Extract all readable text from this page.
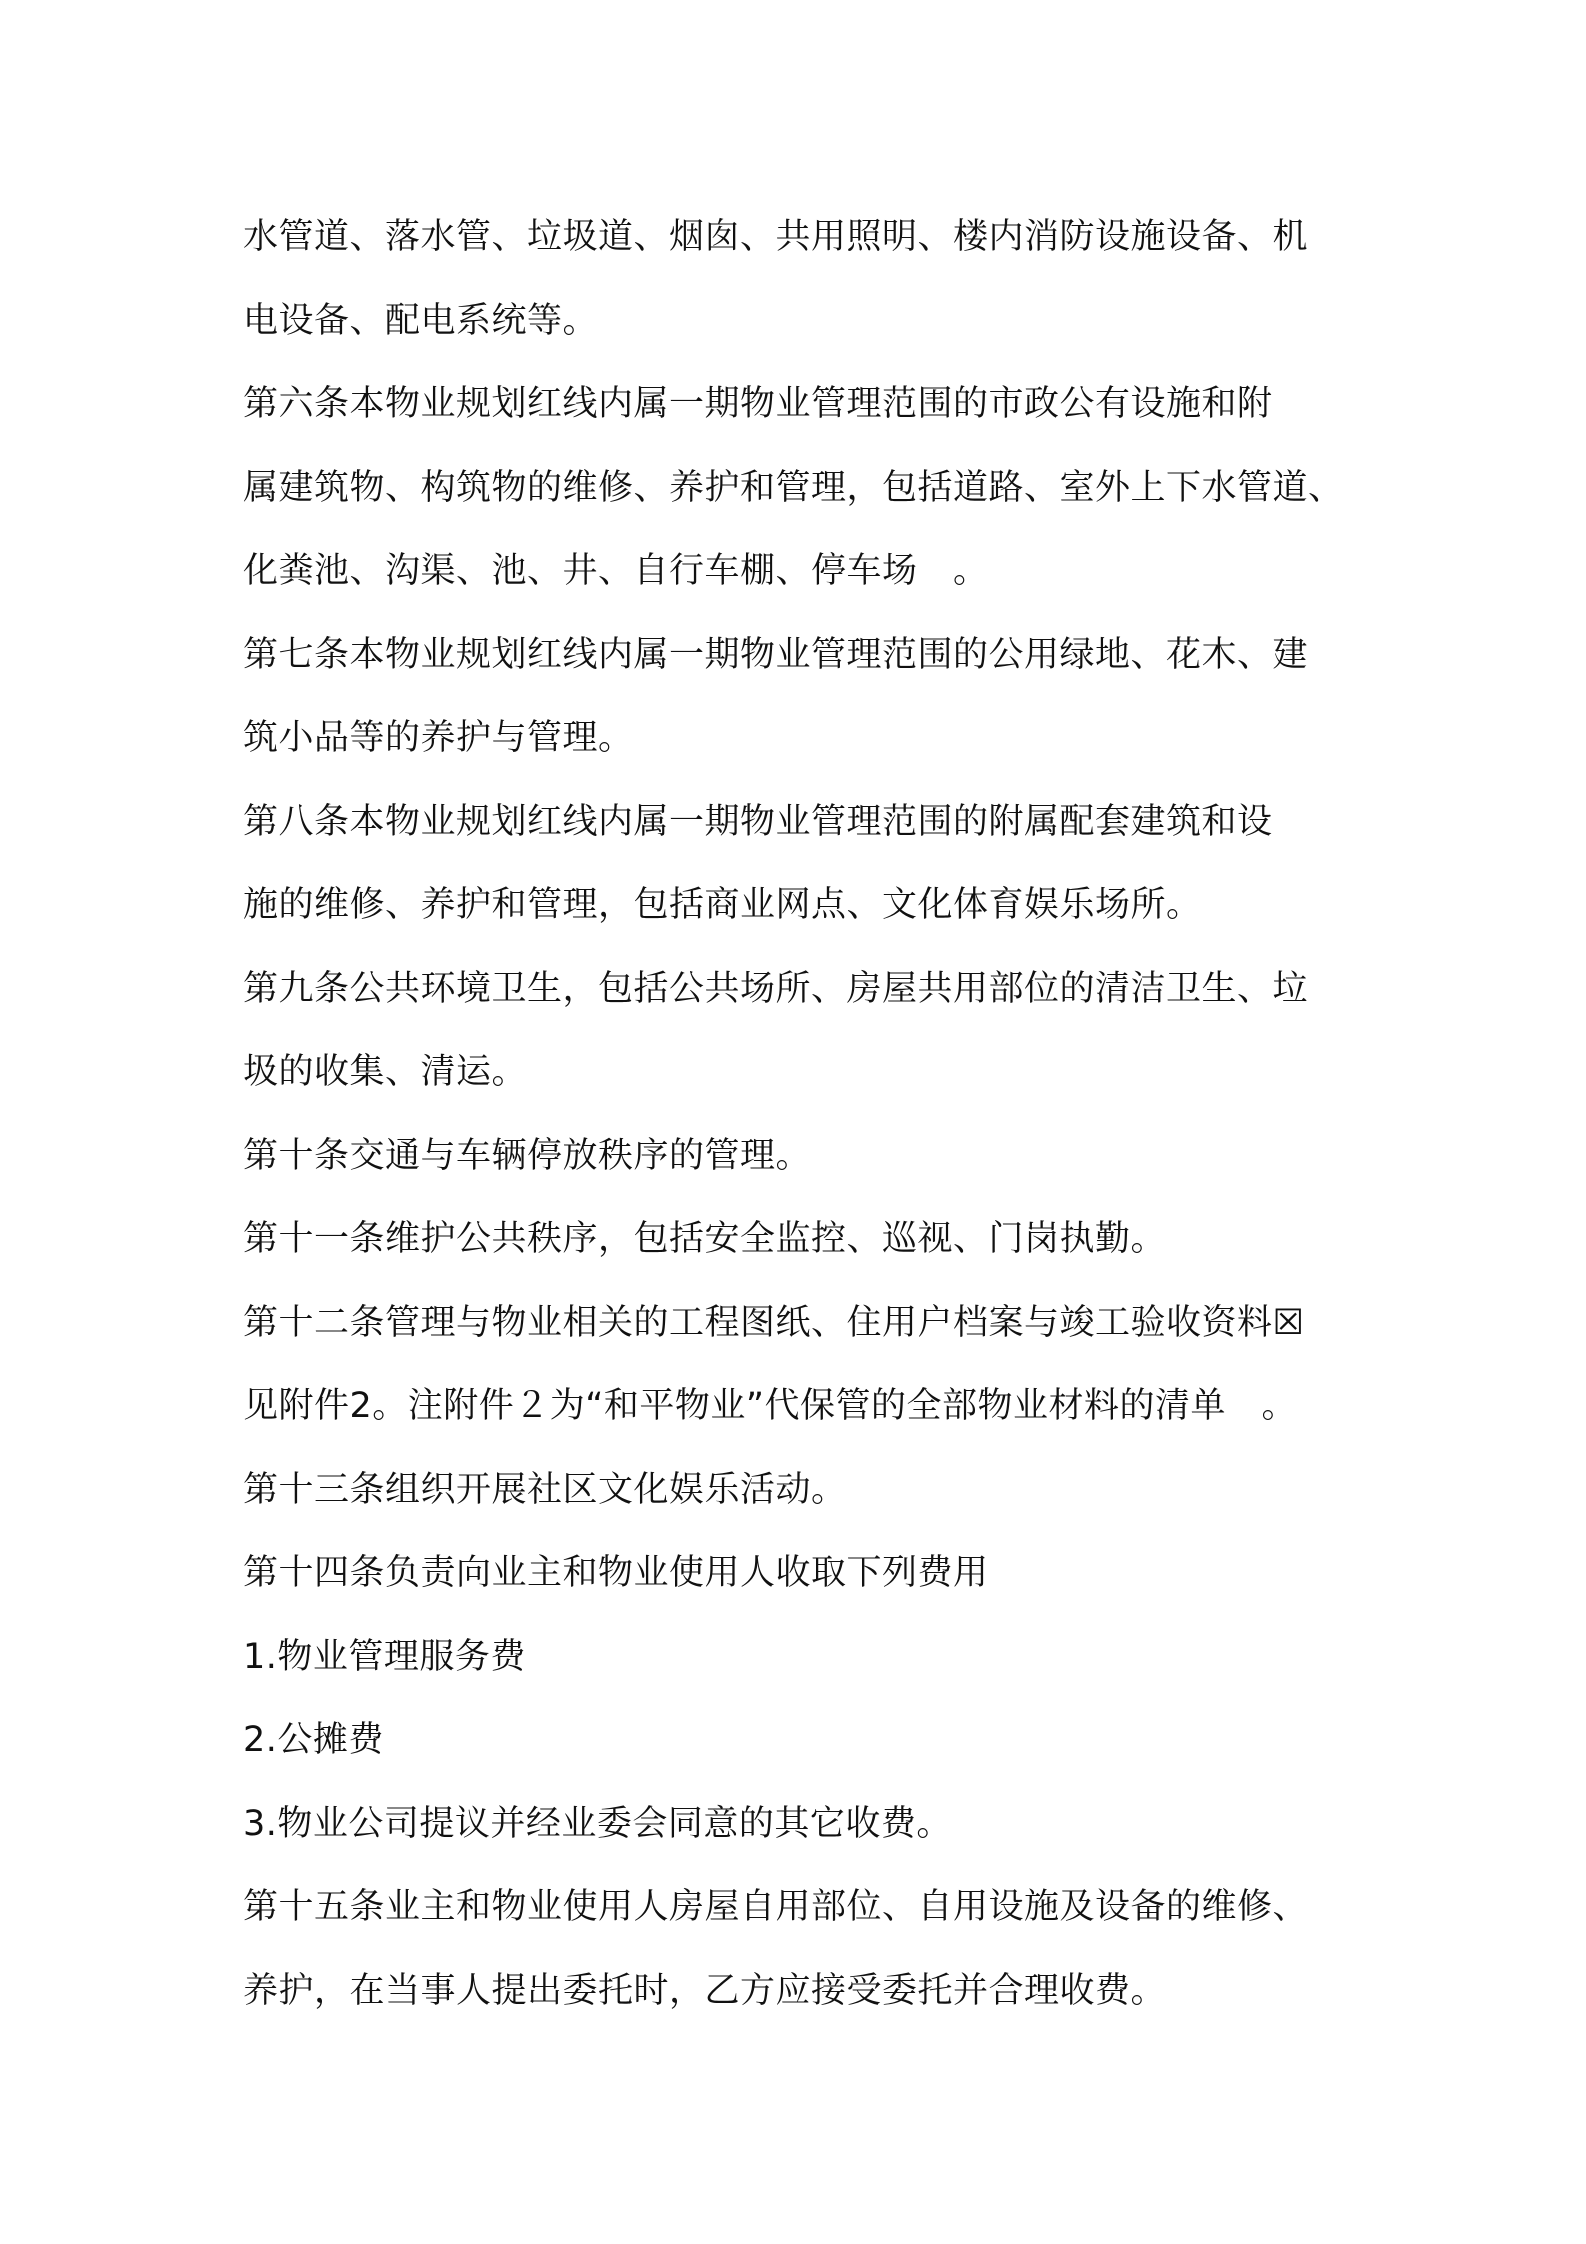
水管道、落水管、垃圾道、烟囱、共用照明、楼内消防设施设备、机
电设备、配电系统等。
第六条本物业规划红线内属一期物业管理范围的市政公有设施和附
属建筑物、构筑物的维修、养护和管理，包括道路、室外上下水管道、
化粪池、沟渠、池、井、自行车棚、停车场　。
第七条本物业规划红线内属一期物业管理范围的公用绿地、花木、建
筑小品等的养护与管理。
第八条本物业规划红线内属一期物业管理范围的附属配套建筑和设
施的维修、养护和管理，包括商业网点、文化体育娱乐场所。
第九条公共环境卫生，包括公共场所、房屋共用部位的清洁卫生、垃
圾的收集、清运。
第十条交通与车辆停放秩序的管理。
第十一条维护公共秩序，包括安全监控、巡视、门岗执勤。
第十二条管理与物业相关的工程图纸、住用户档案与竣工验收资料☒
见附件2。注附件２为“和平物业”代保管的全部物业材料的清单　。
第十三条组织开展社区文化娱乐活动。
第十四条负责向业主和物业使用人收取下列费用
1.物业管理服务费
2.公摊费
3.物业公司提议并经业委会同意的其它收费。
第十五条业主和物业使用人房屋自用部位、自用设施及设备的维修、
养护，在当事人提出委托时，乙方应接受委托并合理收费。
